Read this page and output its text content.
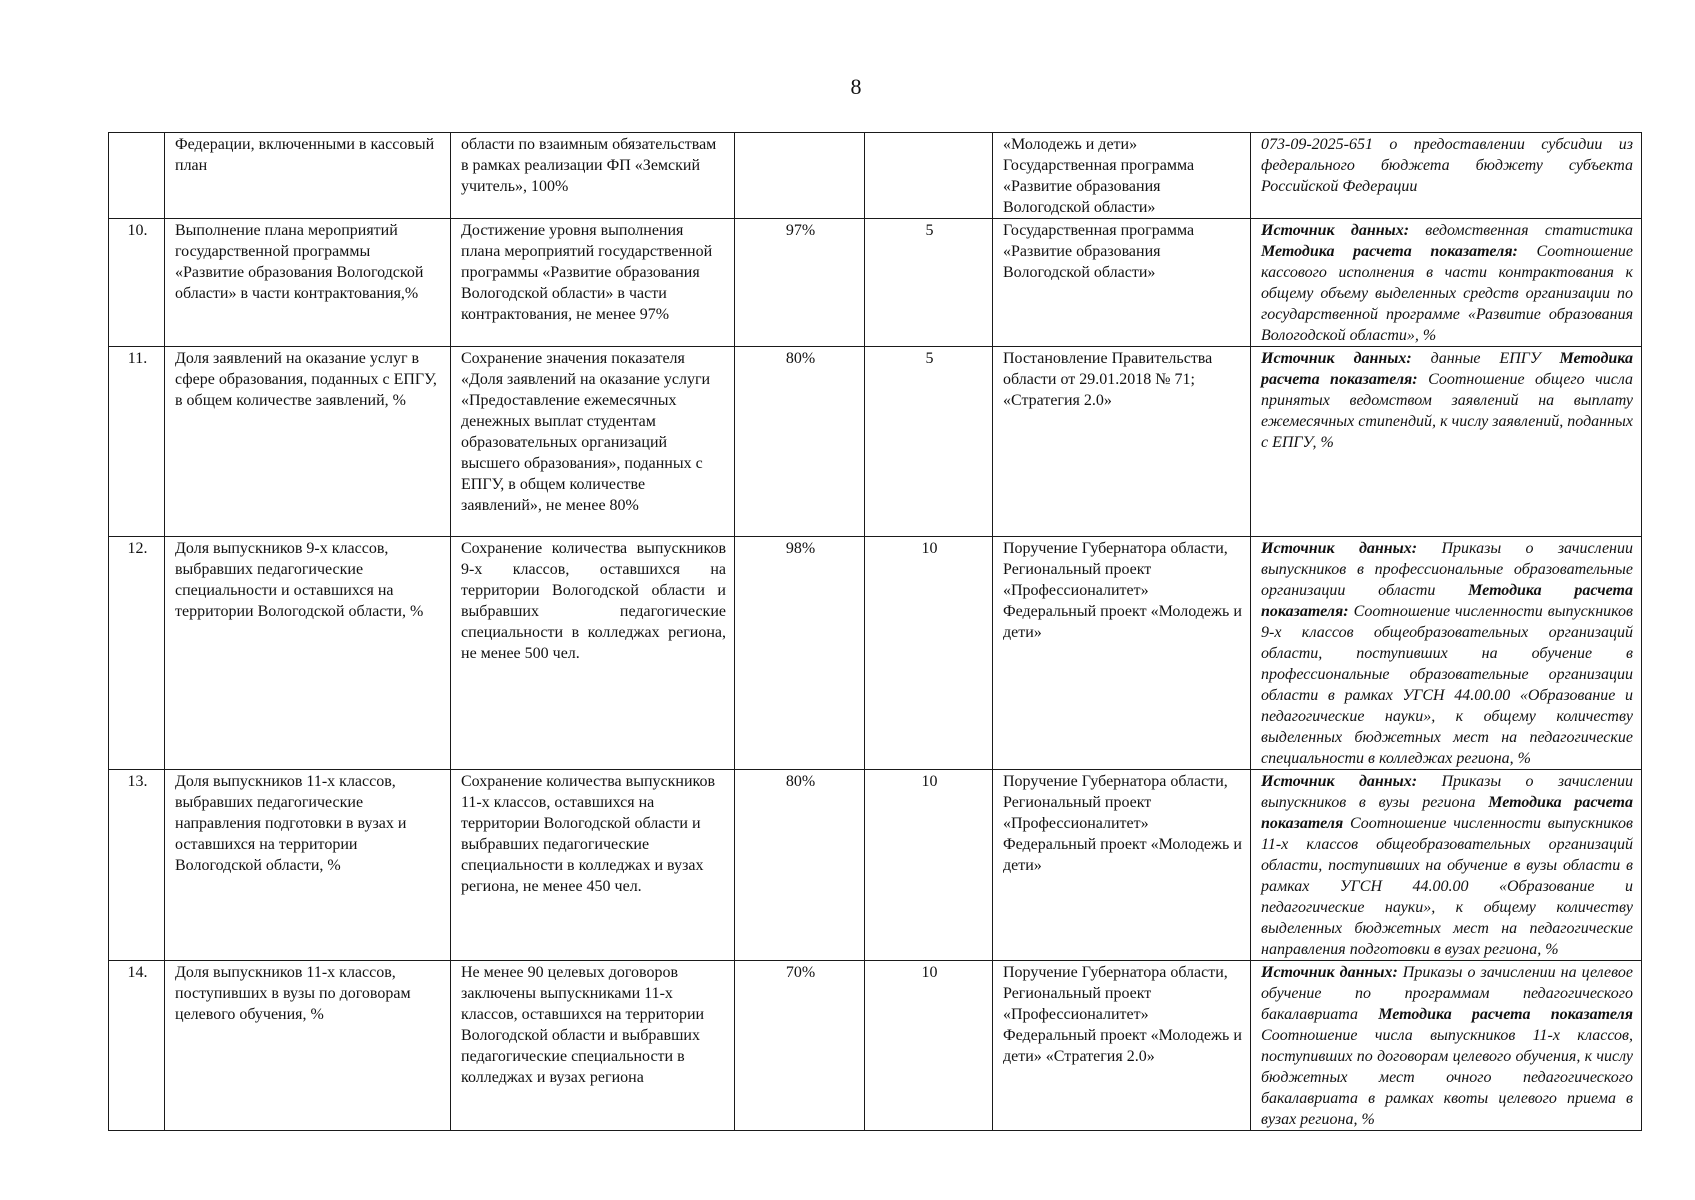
8
	Федерации, включенными в кассовый план	области по взаимным обязательствам в рамках реализации ФП «Земский учитель», 100%			«Молодежь и дети» Государственная программа «Развитие образования Вологодской области»	073-09-2025-651 о предоставлении субсидии из федерального бюджета бюджету субъекта Российской Федерации
10.	Выполнение плана мероприятий государственной программы «Развитие образования Вологодской области» в части контрактования,%	Достижение уровня выполнения плана мероприятий государственной программы «Развитие образования Вологодской области» в части контрактования, не менее 97%	97%	5	Государственная программа «Развитие образования Вологодской области»	Источник данных: ведомственная статистика Методика расчета показателя: Соотношение кассового исполнения в части контрактования к общему объему выделенных средств организации по государственной программе «Развитие образования Вологодской области», %
11.	Доля заявлений на оказание услуг в сфере образования, поданных с ЕПГУ, в общем количестве заявлений, %	Сохранение значения показателя «Доля заявлений на оказание услуги «Предоставление ежемесячных денежных выплат студентам образовательных организаций высшего образования», поданных с ЕПГУ, в общем количестве заявлений», не менее 80%	80%	5	Постановление Правительства области от 29.01.2018 № 71; «Стратегия 2.0»	Источник данных: данные ЕПГУ Методика расчета показателя: Соотношение общего числа принятых ведомством заявлений на выплату ежемесячных стипендий, к числу заявлений, поданных с ЕПГУ, %
12.	Доля выпускников 9-х классов, выбравших педагогические специальности и оставшихся на территории Вологодской области, %	Сохранение количества выпускников 9-х классов, оставшихся на территории Вологодской области и выбравших педагогические специальности в колледжах региона, не менее 500 чел.	98%	10	Поручение Губернатора области, Региональный проект «Профессионалитет» Федеральный проект «Молодежь и дети»	Источник данных: Приказы о зачислении выпускников в профессиональные образовательные организации области Методика расчета показателя: Соотношение численности выпускников 9-х классов общеобразовательных организаций области, поступивших на обучение в профессиональные образовательные организации области в рамках УГСН 44.00.00 «Образование и педагогические науки», к общему количеству выделенных бюджетных мест на педагогические специальности в колледжах региона, %
13.	Доля выпускников 11-х классов, выбравших педагогические направления подготовки в вузах и оставшихся на территории Вологодской области, %	Сохранение количества выпускников 11-х классов, оставшихся на территории Вологодской области и выбравших педагогические специальности в колледжах и вузах региона, не менее 450 чел.	80%	10	Поручение Губернатора области, Региональный проект «Профессионалитет» Федеральный проект «Молодежь и дети»	Источник данных: Приказы о зачислении выпускников в вузы региона Методика расчета показателя Соотношение численности выпускников 11-х классов общеобразовательных организаций области, поступивших на обучение в вузы области в рамках УГСН 44.00.00 «Образование и педагогические науки», к общему количеству выделенных бюджетных мест на педагогические направления подготовки в вузах региона, %
14.	Доля выпускников 11-х классов, поступивших в вузы по договорам целевого обучения, %	Не менее 90 целевых договоров заключены выпускниками 11-х классов, оставшихся на территории Вологодской области и выбравших педагогические специальности в колледжах и вузах региона	70%	10	Поручение Губернатора области, Региональный проект «Профессионалитет» Федеральный проект «Молодежь и дети» «Стратегия 2.0»	Источник данных: Приказы о зачислении на целевое обучение по программам педагогического бакалавриата Методика расчета показателя Соотношение числа выпускников 11-х классов, поступивших по договорам целевого обучения, к числу бюджетных мест очного педагогического бакалавриата в рамках квоты целевого приема в вузах региона, %
